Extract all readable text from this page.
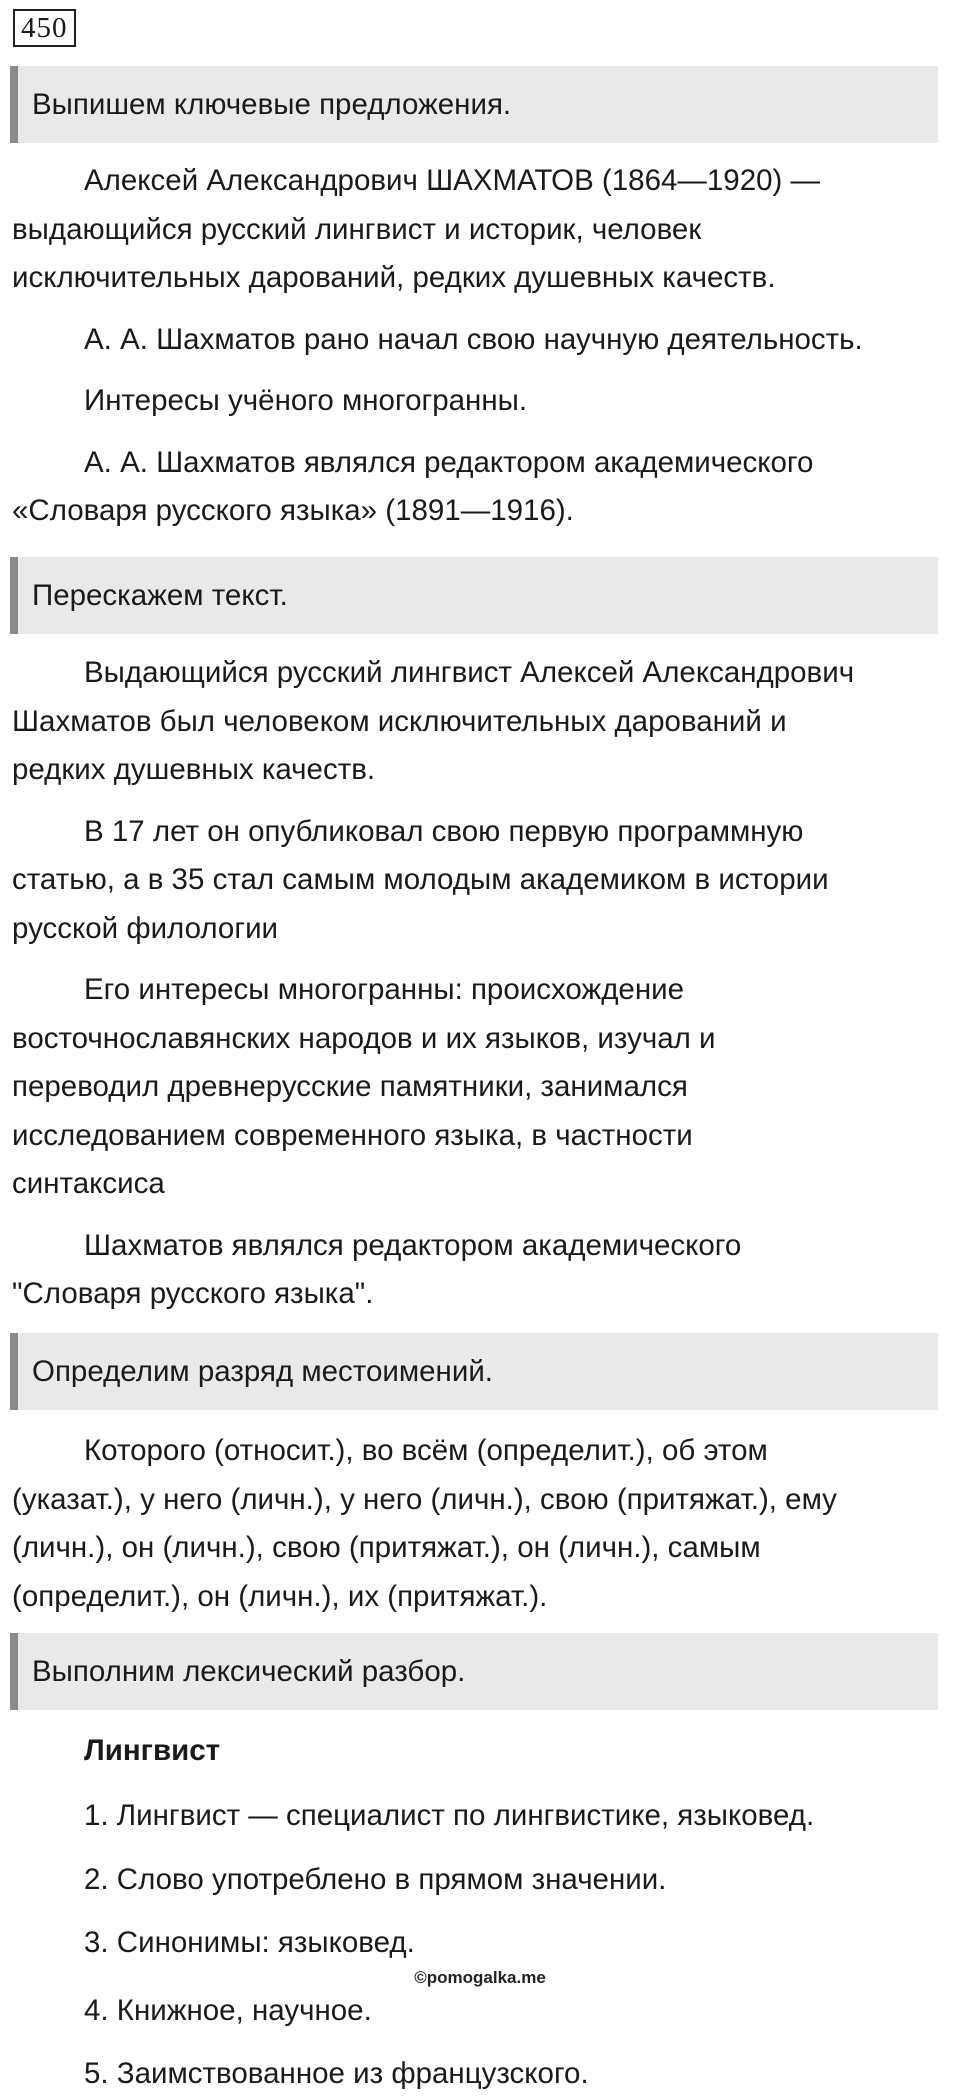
450
Выпишем ключевые предложения.

Алексей Александрович ШАХМАТОВ (1864—1920) —
выдающийся русский лингвист и историк, человек
исключительных дарований, редких душевных качеств.

А. А. Шахматов рано начал свою научную деятельность.

Интересы учёного многогранны.

А. А. Шахматов являлся редактором академического
«Словаря русского языка» (1891—1916).

Перескажем текст.

Выдающийся русский лингвист Алексей Александрович
Шахматов был человеком исключительных дарований и
редких душевных качеств.

В 17 лет он опубликовал свою первую программную
статью, а в 35 стал самым молодым академиком в истории
русской филологии

Его интересы многогранны: происхождение
восточнославянских народов и их языков, изучал и
переводил древнерусские памятники, занимался
исследованием современного языка, в частности
синтаксиса

Шахматов являлся редактором академического
"Словаря русского языка".

Определим разряд местоимений.

Которого (относит.), во всём (определит.), об этом
(указат.), у него (личн.), у него (личн.), свою (притяжат.), ему
(личн.), он (личн.), свою (притяжат.), он (личн.), самым
(определит.), он (личн.), их (притяжат.).

Выполним лексический разбор.
Лингвист
1. Лингвист — специалист по лингвистике, языковед.
2. Слово употреблено в прямом значении.
3. Синонимы: языковед.
4. Книжное, научное.
5. Заимствованное из французского.
©pomogalka.me
